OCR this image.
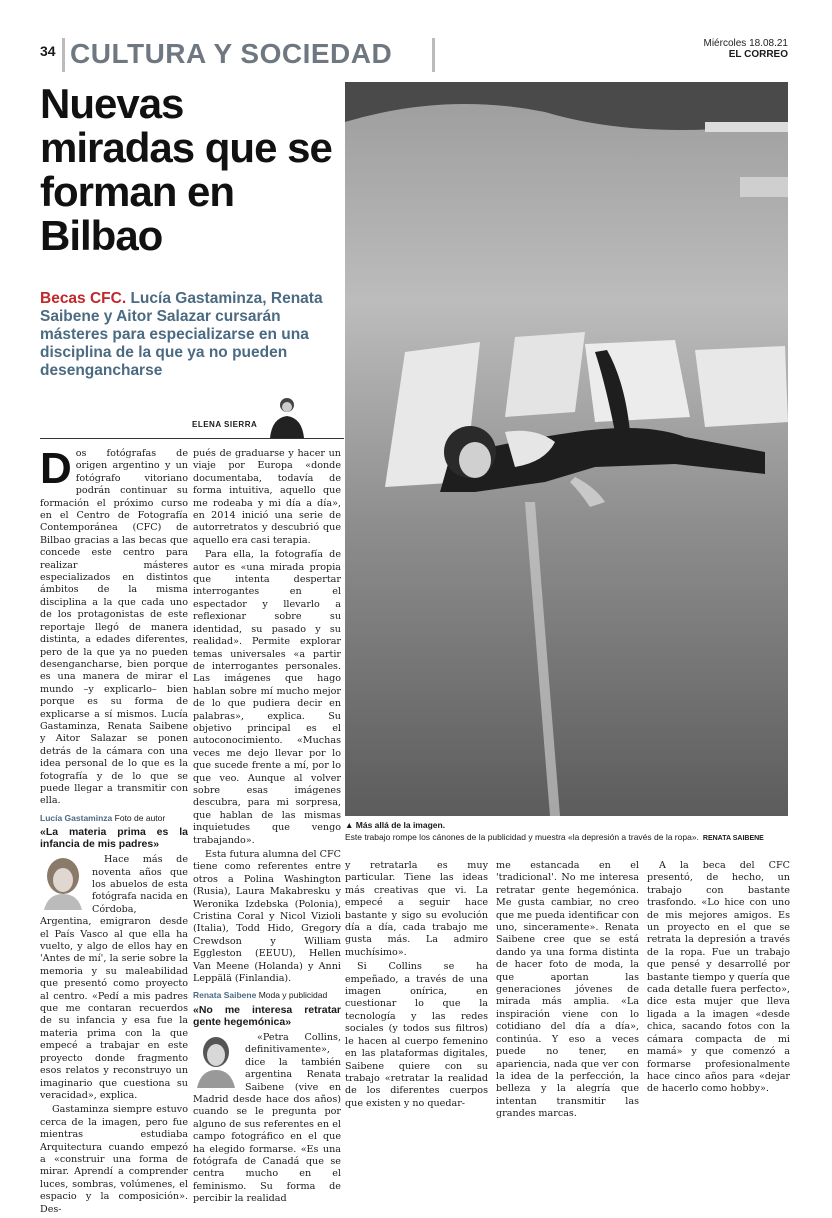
34 CULTURA Y SOCIEDAD	Miércoles 18.08.21
EL CORREO
Nuevas miradas que se forman en Bilbao
Becas CFC. Lucía Gastaminza, Renata Saibene y Aitor Salazar cursarán másteres para especializarse en una disciplina de la que ya no pueden desengancharse
ELENA SIERRA
▲ Más allá de la imagen.
Este trabajo rompe los cánones de la publicidad y muestra «la depresión a través de la ropa». RENATA SAIBENE

Dos fotógrafas de origen argentino y un fotógrafo vitoriano podrán continuar su formación el próximo curso en el Centro de Fotografía Contemporánea (CFC) de Bilbao gracias a las becas que concede este centro para realizar másteres especializados en distintos ámbitos de la misma disciplina a la que cada uno de los protagonistas de este reportaje llegó de manera distinta, a edades diferentes, pero de la que ya no pueden desengancharse, bien porque es una manera de mirar el mundo –y explicarlo– bien porque es su forma de explicarse a sí mismos. Lucía Gastaminza, Renata Saibene y Aitor Salazar se ponen detrás de la cámara con una idea personal de lo que es la fotografía y de lo que se puede llegar a transmitir con ella.

Lucía Gastaminza Foto de autor
«La materia prima es la infancia de mis padres»

Hace más de noventa años que los abuelos de esta fotógrafa nacida en Córdoba, Argentina, emigraron desde el País Vasco al que ella ha vuelto, y algo de ellos hay en 'Antes de mí', la serie sobre la memoria y su maleabilidad que presentó como proyecto al centro. «Pedí a mis padres que me contaran recuerdos de su infancia y esa fue la materia prima con la que empecé a trabajar en este proyecto donde fragmento esos relatos y reconstruyo un imaginario que cuestiona su veracidad», explica.

Gastaminza siempre estuvo cerca de la imagen, pero fue mientras estudiaba Arquitectura cuando empezó a «construir una forma de mirar. Aprendí a comprender luces, sombras, volúmenes, el espacio y la composición». Des-

pués de graduarse y hacer un viaje por Europa «donde documentaba, todavía de forma intuitiva, aquello que me rodeaba y mi día a día», en 2014 inició una serie de autorretratos y descubrió que aquello era casi terapia.

Para ella, la fotografía de autor es «una mirada propia que intenta despertar interrogantes en el espectador y llevarlo a reflexionar sobre su identidad, su pasado y su realidad». Permite explorar temas universales «a partir de interrogantes personales. Las imágenes que hago hablan sobre mí mucho mejor de lo que pudiera decir en palabras», explica. Su objetivo principal es el autoconocimiento. «Muchas veces me dejo llevar por lo que sucede frente a mí, por lo que veo. Aunque al volver sobre esas imágenes descubra, para mi sorpresa, que hablan de las mismas inquietudes que vengo trabajando».

Esta futura alumna del CFC tiene como referentes entre otros a Polina Washington (Rusia), Laura Makabresku y Weronika Izdebska (Polonia), Cristina Coral y Nicol Vizioli (Italia), Todd Hido, Gregory Crewdson y William Eggleston (EEUU), Hellen Van Meene (Holanda) y Anni Leppälä (Finlandia).

Renata Saibene Moda y publicidad
«No me interesa retratar gente hegemónica»

«Petra Collins, definitivamente», dice la también argentina Renata Saibene (vive en Madrid desde hace dos años) cuando se le pregunta por alguno de sus referentes en el campo fotográfico en el que ha elegido formarse. «Es una fotógrafa de Canadá que se centra mucho en el feminismo. Su forma de percibir la realidad

y retratarla es muy particular. Tiene las ideas más creativas que vi. La empecé a seguir hace bastante y sigo su evolución día a día, cada trabajo me gusta más. La admiro muchísimo».

Si Collins se ha empeñado, a través de una imagen onírica, en cuestionar lo que la tecnología y las redes sociales (y todos sus filtros) le hacen al cuerpo femenino en las plataformas digitales, Saibene quiere con su trabajo «retratar la realidad de los diferentes cuerpos que existen y no quedar-

me estancada en el 'tradicional'. No me interesa retratar gente hegemónica. Me gusta cambiar, no creo que me pueda identificar con uno, sinceramente». Renata Saibene cree que se está dando ya una forma distinta de hacer foto de moda, la que aportan las generaciones jóvenes de mirada más amplia. «La inspiración viene con lo cotidiano del día a día», continúa. Y eso a veces puede no tener, en apariencia, nada que ver con la idea de la perfección, la belleza y la alegría que intentan transmitir las grandes marcas.

A la beca del CFC presentó, de hecho, un trabajo con bastante trasfondo. «Lo hice con uno de mis mejores amigos. Es un proyecto en el que se retrata la depresión a través de la ropa. Fue un trabajo que pensé y desarrollé por bastante tiempo y quería que cada detalle fuera perfecto», dice esta mujer que lleva ligada a la imagen «desde chica, sacando fotos con la cámara compacta de mi mamá» y que comenzó a formarse profesionalmente hace cinco años para «dejar de hacerlo como hobby».
